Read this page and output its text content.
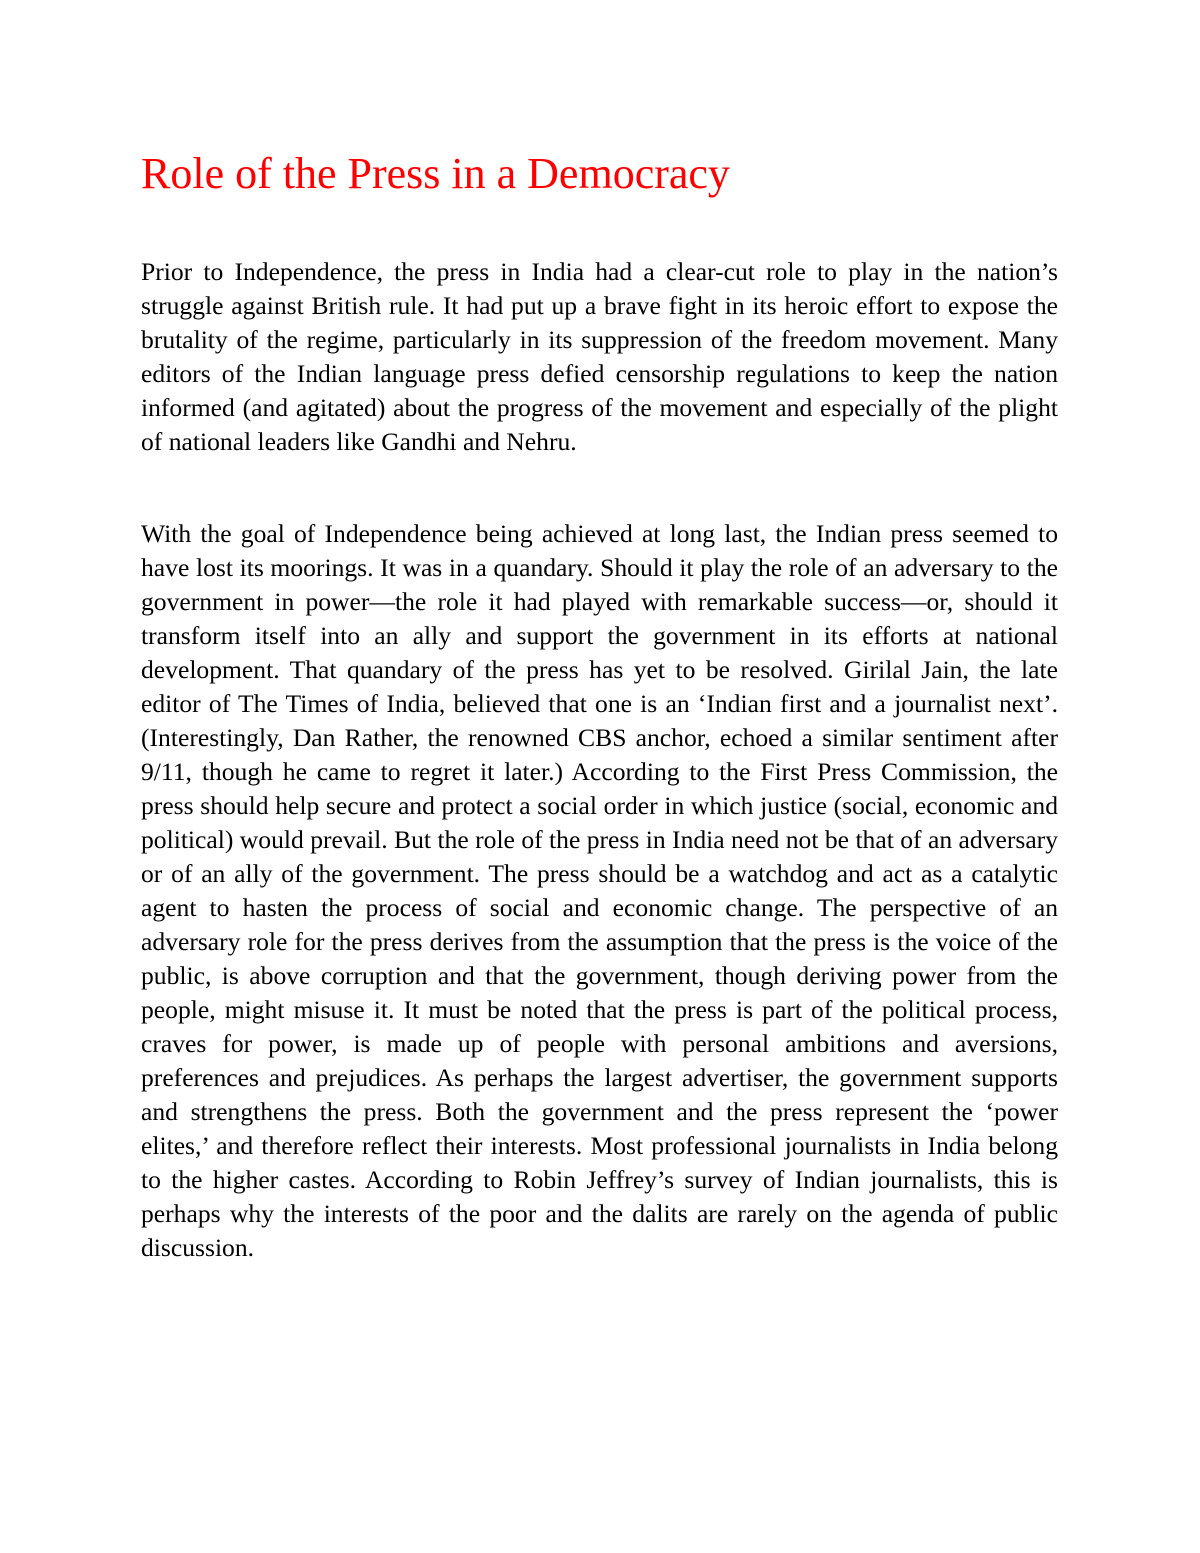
Role of the Press in a Democracy

Prior to Independence, the press in India had a clear-cut role to play in the nation’s struggle against British rule. It had put up a brave fight in its heroic effort to expose the brutality of the regime, particularly in its suppression of the freedom movement. Many editors of the Indian language press defied censorship regulations to keep the nation informed (and agitated) about the progress of the movement and especially of the plight of national leaders like Gandhi and Nehru.

With the goal of Independence being achieved at long last, the Indian press seemed to have lost its moorings. It was in a quandary. Should it play the role of an adversary to the government in power—the role it had played with remarkable success—or, should it transform itself into an ally and support the government in its efforts at national development. That quandary of the press has yet to be resolved. Girilal Jain, the late editor of The Times of India, believed that one is an ‘Indian first and a journalist next’. (Interestingly, Dan Rather, the renowned CBS anchor, echoed a similar sentiment after 9/11, though he came to regret it later.) According to the First Press Commission, the press should help secure and protect a social order in which justice (social, economic and political) would prevail. But the role of the press in India need not be that of an adversary or of an ally of the government. The press should be a watchdog and act as a catalytic agent to hasten the process of social and economic change. The perspective of an adversary role for the press derives from the assumption that the press is the voice of the public, is above corruption and that the government, though deriving power from the people, might misuse it. It must be noted that the press is part of the political process, craves for power, is made up of people with personal ambitions and aversions, preferences and prejudices. As perhaps the largest advertiser, the government supports and strengthens the press. Both the government and the press represent the ‘power elites,’ and therefore reflect their interests. Most professional journalists in India belong to the higher castes. According to Robin Jeffrey’s survey of Indian journalists, this is perhaps why the interests of the poor and the dalits are rarely on the agenda of public discussion.
